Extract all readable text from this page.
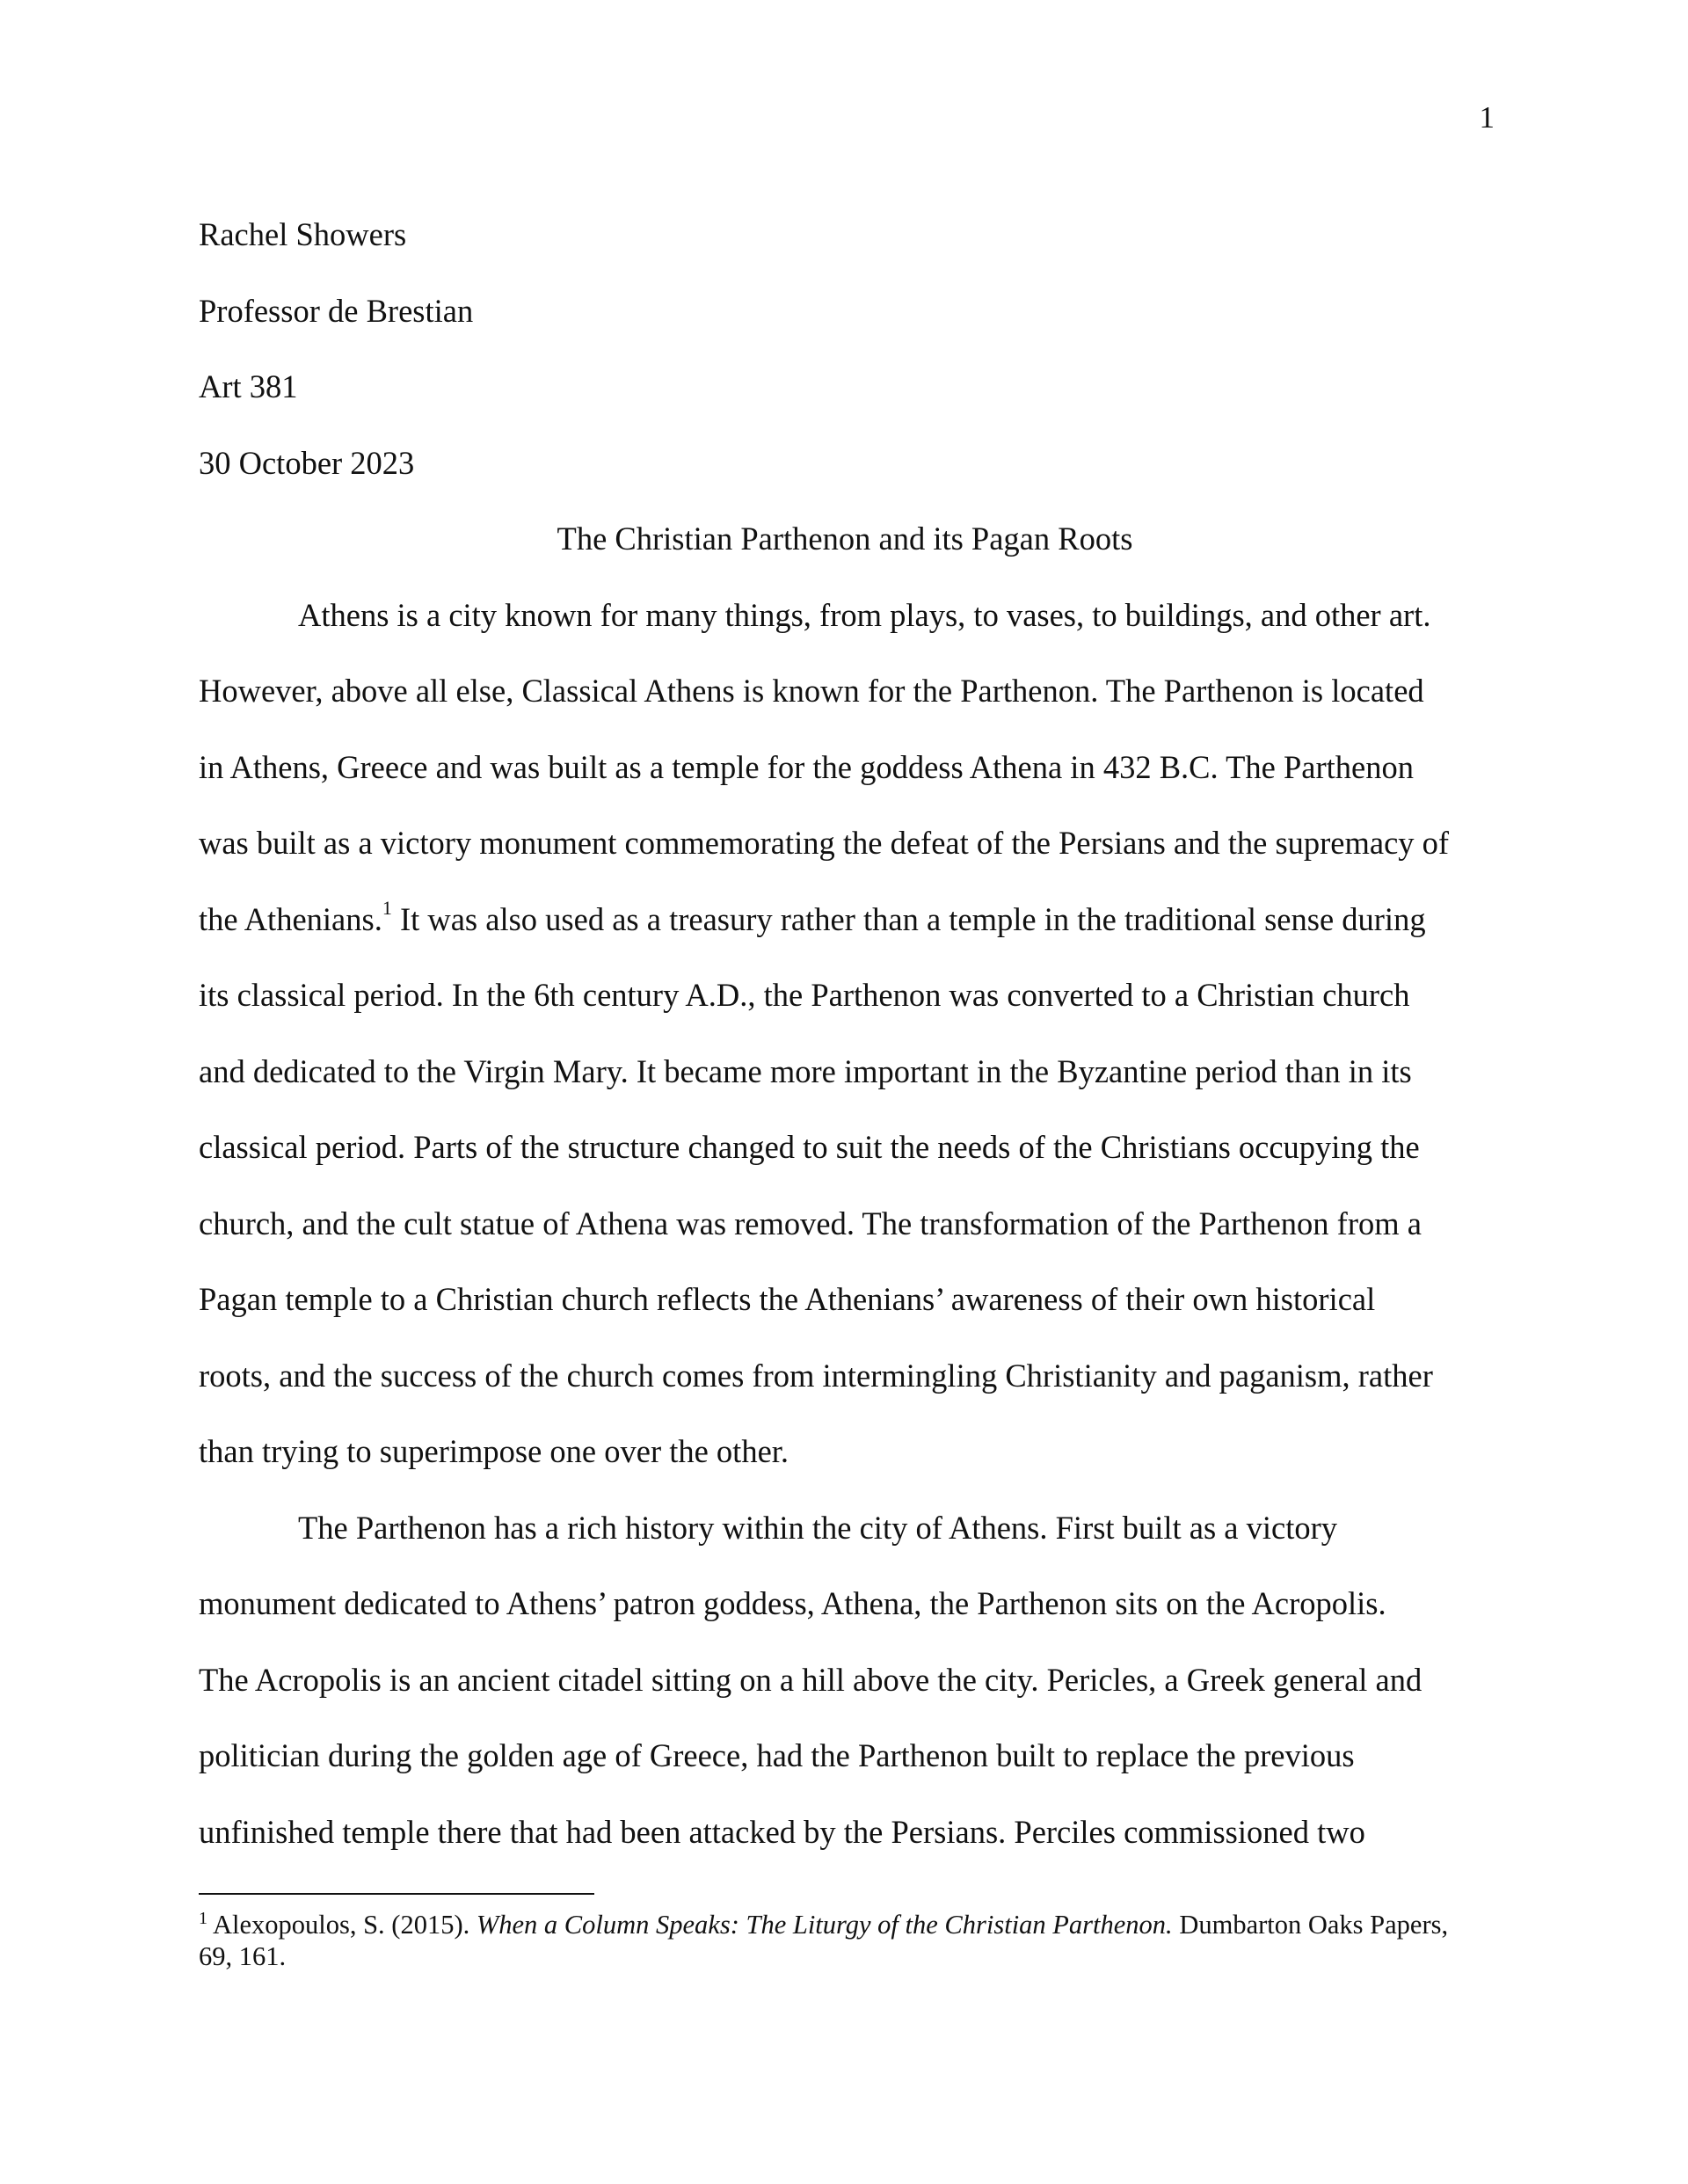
1
Rachel Showers
Professor de Brestian
Art 381
30 October 2023
The Christian Parthenon and its Pagan Roots
Athens is a city known for many things, from plays, to vases, to buildings, and other art.
However, above all else, Classical Athens is known for the Parthenon. The Parthenon is located
in Athens, Greece and was built as a temple for the goddess Athena in 432 B.C. The Parthenon
was built as a victory monument commemorating the defeat of the Persians and the supremacy of
the Athenians.$^1$ It was also used as a treasury rather than a temple in the traditional sense during
its classical period. In the 6th century A.D., the Parthenon was converted to a Christian church
and dedicated to the Virgin Mary. It became more important in the Byzantine period than in its
classical period. Parts of the structure changed to suit the needs of the Christians occupying the
church, and the cult statue of Athena was removed. The transformation of the Parthenon from a
Pagan temple to a Christian church reflects the Athenians’ awareness of their own historical
roots, and the success of the church comes from intermingling Christianity and paganism, rather
than trying to superimpose one over the other.
The Parthenon has a rich history within the city of Athens. First built as a victory
monument dedicated to Athens’ patron goddess, Athena, the Parthenon sits on the Acropolis.
The Acropolis is an ancient citadel sitting on a hill above the city. Pericles, a Greek general and
politician during the golden age of Greece, had the Parthenon built to replace the previous
unfinished temple there that had been attacked by the Persians. Perciles commissioned two
$^1$ Alexopoulos, S. (2015). When a Column Speaks: The Liturgy of the Christian Parthenon. Dumbarton Oaks Papers,
69, 161.
